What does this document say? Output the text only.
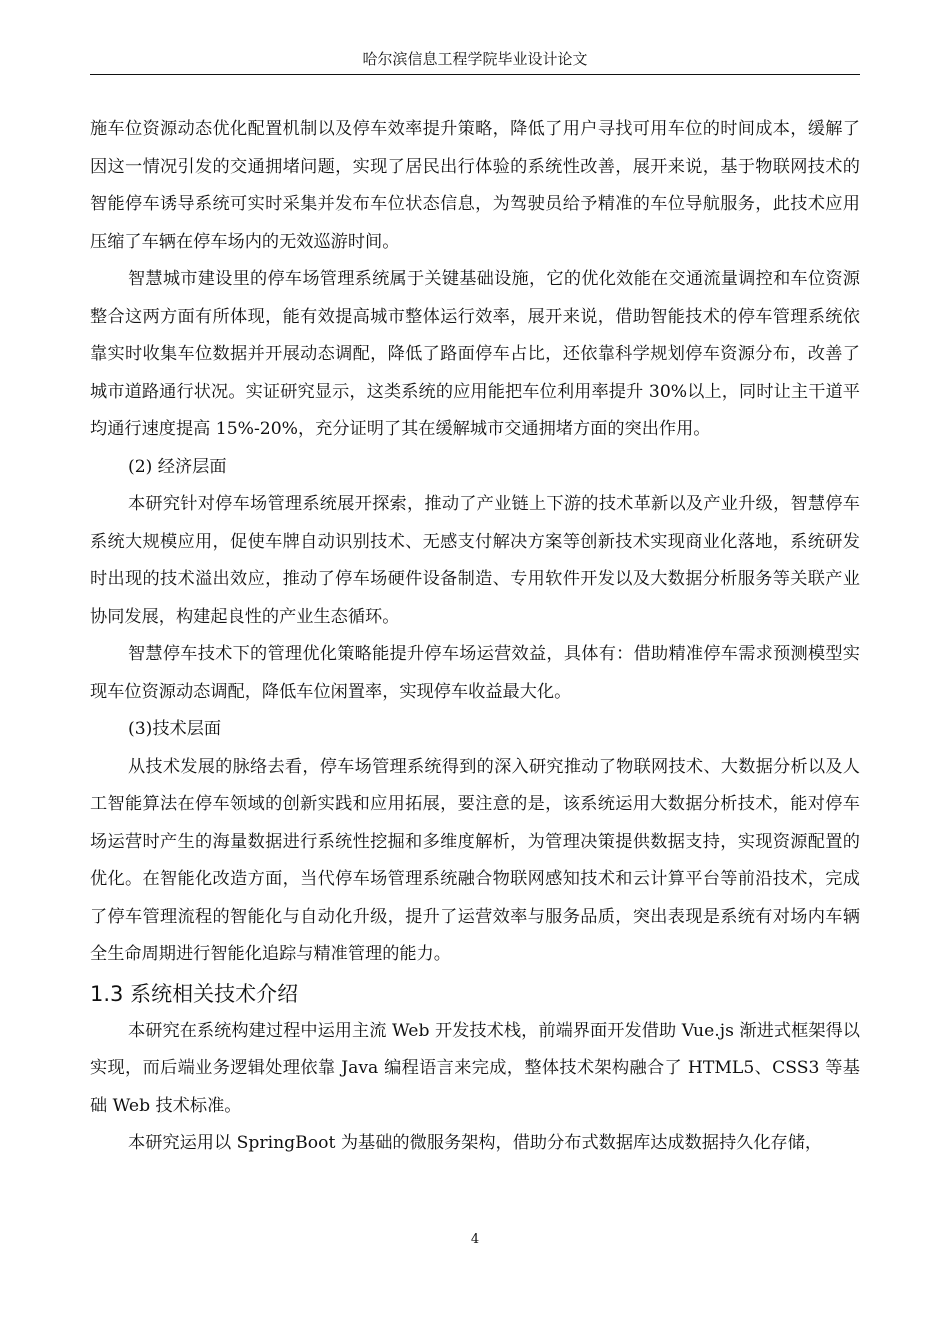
哈尔滨信息工程学院毕业设计论文

施车位资源动态优化配置机制以及停车效率提升策略，降低了用户寻找可用车位的时间成本，缓解了因这一情况引发的交通拥堵问题，实现了居民出行体验的系统性改善，展开来说，基于物联网技术的智能停车诱导系统可实时采集并发布车位状态信息，为驾驶员给予精准的车位导航服务，此技术应用压缩了车辆在停车场内的无效巡游时间。

智慧城市建设里的停车场管理系统属于关键基础设施，它的优化效能在交通流量调控和车位资源整合这两方面有所体现，能有效提高城市整体运行效率，展开来说，借助智能技术的停车管理系统依靠实时收集车位数据并开展动态调配，降低了路面停车占比，还依靠科学规划停车资源分布，改善了城市道路通行状况。实证研究显示，这类系统的应用能把车位利用率提升 30%以上，同时让主干道平均通行速度提高 15%-20%，充分证明了其在缓解城市交通拥堵方面的突出作用。

(2) 经济层面

本研究针对停车场管理系统展开探索，推动了产业链上下游的技术革新以及产业升级，智慧停车系统大规模应用，促使车牌自动识别技术、无感支付解决方案等创新技术实现商业化落地，系统研发时出现的技术溢出效应，推动了停车场硬件设备制造、专用软件开发以及大数据分析服务等关联产业协同发展，构建起良性的产业生态循环。

智慧停车技术下的管理优化策略能提升停车场运营效益，具体有：借助精准停车需求预测模型实现车位资源动态调配，降低车位闲置率，实现停车收益最大化。

(3)技术层面

从技术发展的脉络去看，停车场管理系统得到的深入研究推动了物联网技术、大数据分析以及人工智能算法在停车领域的创新实践和应用拓展，要注意的是，该系统运用大数据分析技术，能对停车场运营时产生的海量数据进行系统性挖掘和多维度解析，为管理决策提供数据支持，实现资源配置的优化。在智能化改造方面，当代停车场管理系统融合物联网感知技术和云计算平台等前沿技术，完成了停车管理流程的智能化与自动化升级，提升了运营效率与服务品质，突出表现是系统有对场内车辆全生命周期进行智能化追踪与精准管理的能力。

1.3 系统相关技术介绍

本研究在系统构建过程中运用主流 Web 开发技术栈，前端界面开发借助 Vue.js 渐进式框架得以实现，而后端业务逻辑处理依靠 Java 编程语言来完成，整体技术架构融合了 HTML5、CSS3 等基础 Web 技术标准。

本研究运用以 SpringBoot 为基础的微服务架构，借助分布式数据库达成数据持久化存储，

4
